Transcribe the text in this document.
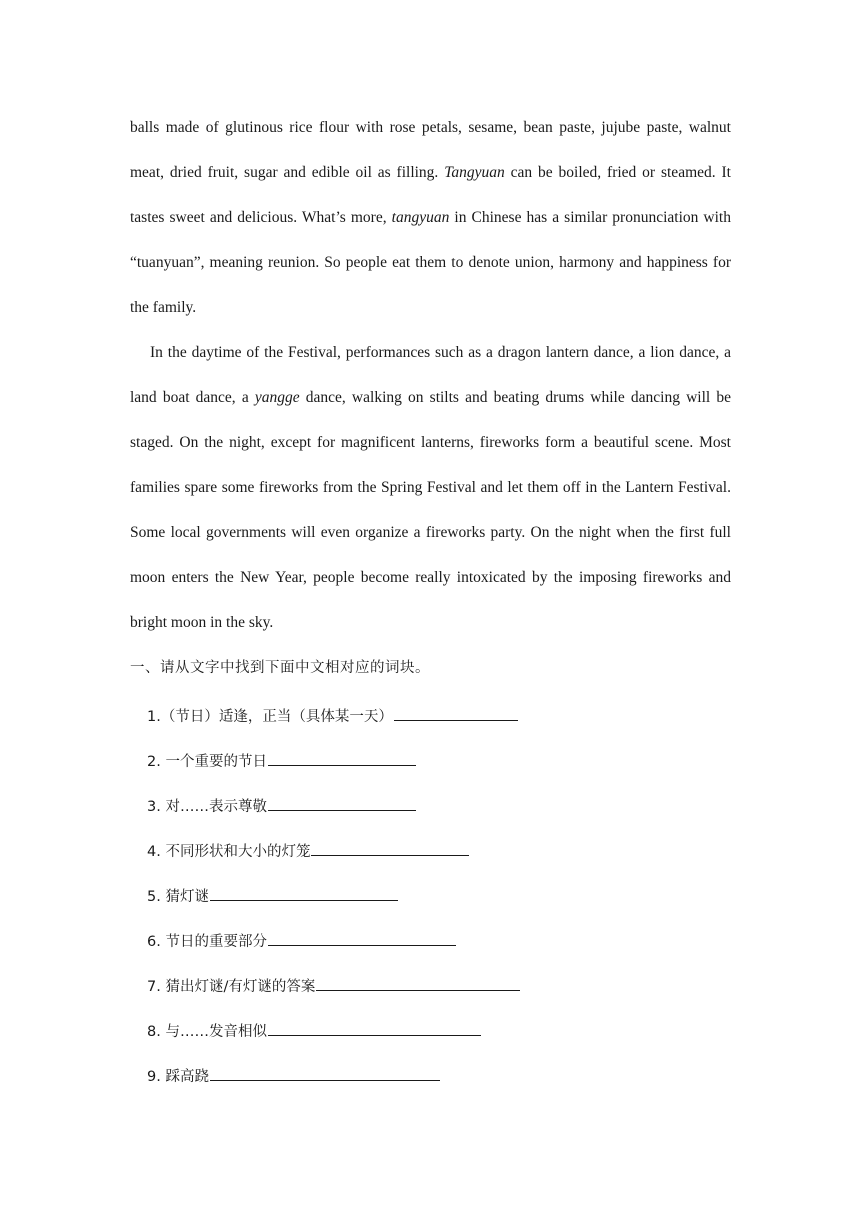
balls made of glutinous rice flour with rose petals, sesame, bean paste, jujube paste, walnut meat, dried fruit, sugar and edible oil as filling. Tangyuan can be boiled, fried or steamed. It tastes sweet and delicious. What’s more, tangyuan in Chinese has a similar pronunciation with “tuanyuan”, meaning reunion. So people eat them to denote union, harmony and happiness for the family.

In the daytime of the Festival, performances such as a dragon lantern dance, a lion dance, a land boat dance, a yangge dance, walking on stilts and beating drums while dancing will be staged. On the night, except for magnificent lanterns, fireworks form a beautiful scene. Most families spare some fireworks from the Spring Festival and let them off in the Lantern Festival. Some local governments will even organize a fireworks party. On the night when the first full moon enters the New Year, people become really intoxicated by the imposing fireworks and bright moon in the sky.

一、请从文字中找到下面中文相对应的词块。
1.（节日）适逢，正当（具体某一天）
2. 一个重要的节日
3. 对……表示尊敬
4. 不同形状和大小的灯笼
5. 猜灯谜
6. 节日的重要部分
7. 猜出灯谜/有灯谜的答案
8. 与……发音相似
9. 踩高跷
